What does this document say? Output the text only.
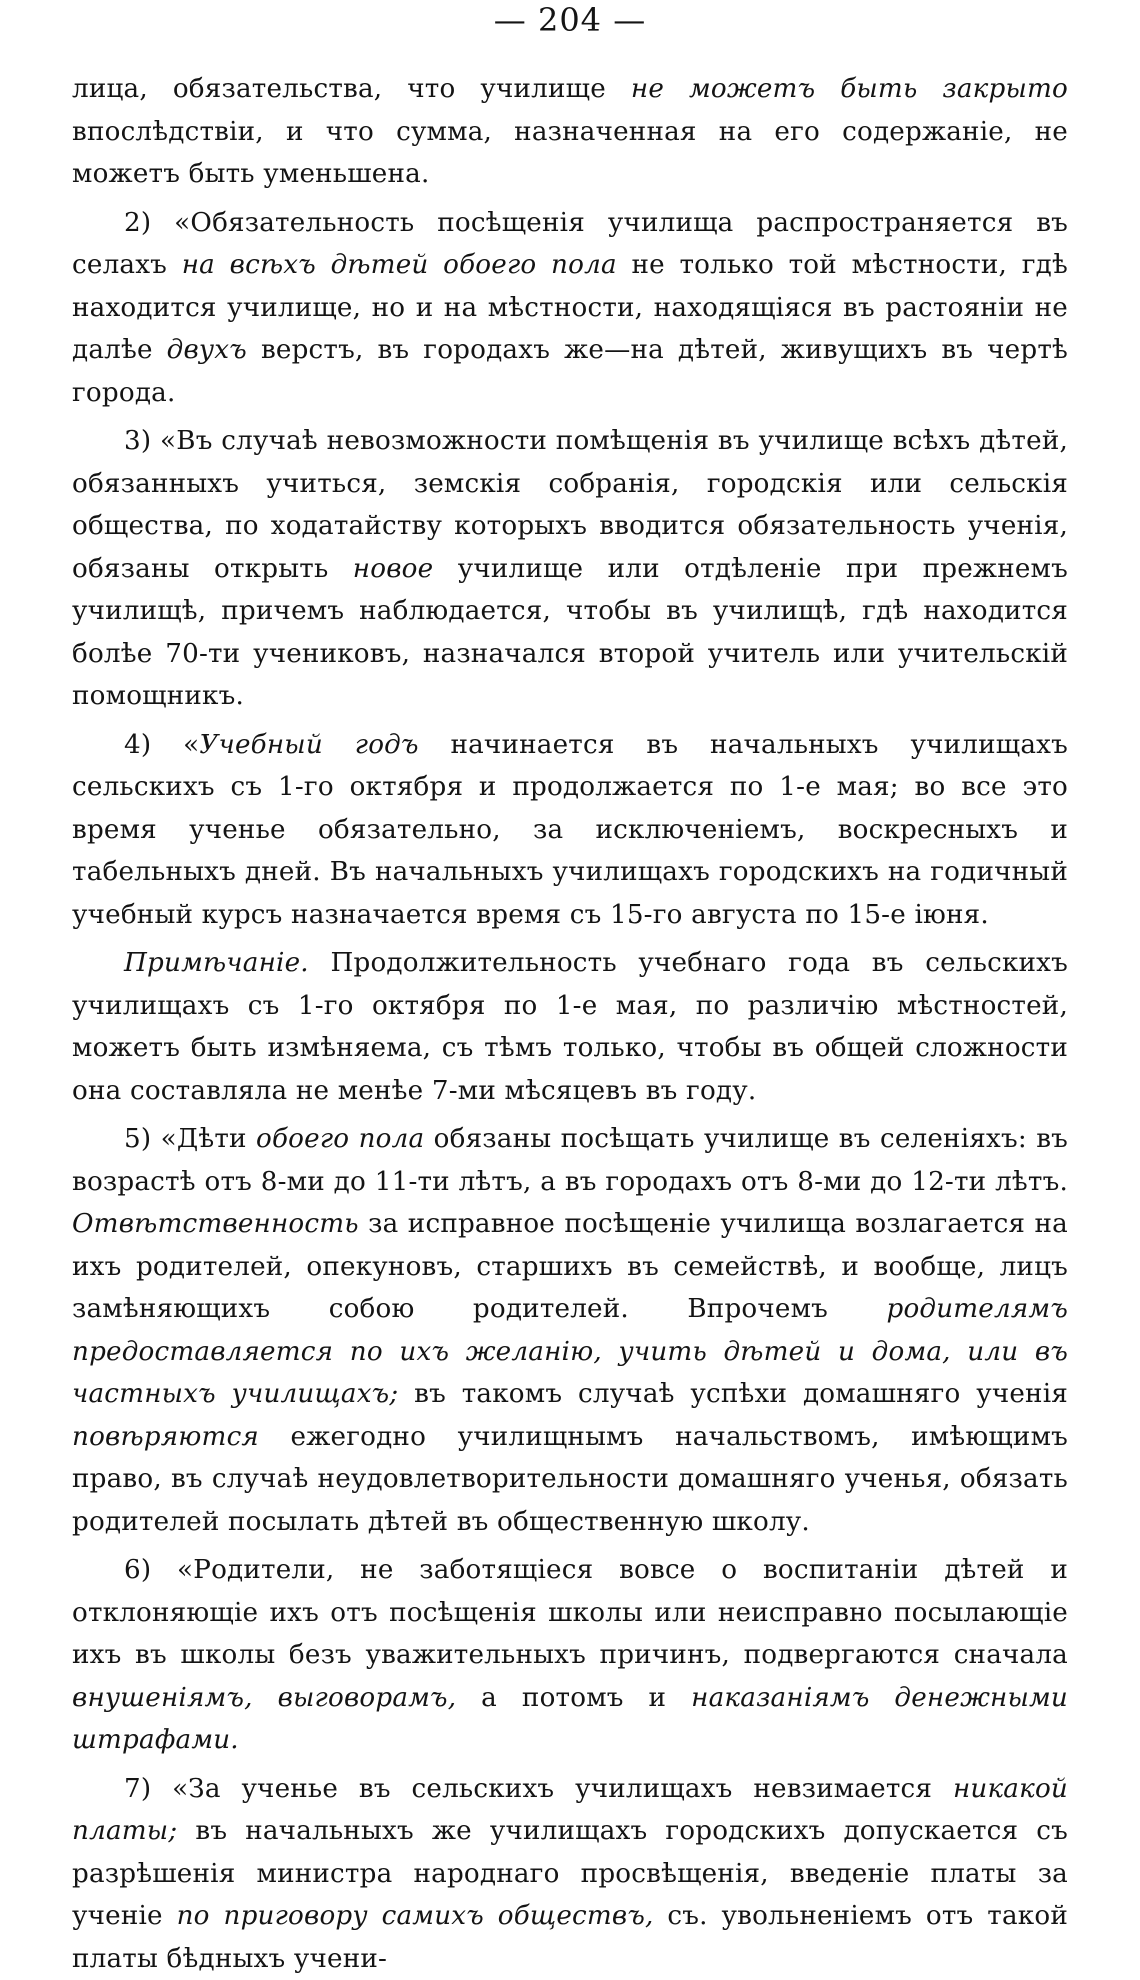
— 204 —

лица, обязательства, что училище не можетъ быть закрыто впослѣдствіи, и что сумма, назначенная на его содержаніе, не можетъ быть уменьшена.

2) «Обязательность посѣщенія училища распространяется въ селахъ на всѣхъ дѣтей обоего пола не только той мѣстности, гдѣ находится училище, но и на мѣстности, находящіяся въ растояніи не далѣе двухъ верстъ, въ городахъ же—на дѣтей, живущихъ въ чертѣ города.

3) «Въ случаѣ невозможности помѣщенія въ училище всѣхъ дѣтей, обязанныхъ учиться, земскія собранія, городскія или сельскія общества, по ходатайству которыхъ вводится обязательность ученія, обязаны открыть новое училище или отдѣленіе при прежнемъ училищѣ, причемъ наблюдается, чтобы въ училищѣ, гдѣ находится болѣе 70-ти учениковъ, назначался второй учитель или учительскій помощникъ.

4) «Учебный годъ начинается въ начальныхъ училищахъ сельскихъ съ 1-го октября и продолжается по 1-е мая; во все это время ученье обязательно, за исключеніемъ, воскресныхъ и табельныхъ дней. Въ начальныхъ училищахъ городскихъ на годичный учебный курсъ назначается время съ 15-го августа по 15-е іюня.

Примѣчаніе. Продолжительность учебнаго года въ сельскихъ училищахъ съ 1-го октября по 1-е мая, по различію мѣстностей, можетъ быть измѣняема, съ тѣмъ только, чтобы въ общей сложности она составляла не менѣе 7-ми мѣсяцевъ въ году.

5) «Дѣти обоего пола обязаны посѣщать училище въ селеніяхъ: въ возрастѣ отъ 8-ми до 11-ти лѣтъ, а въ городахъ отъ 8-ми до 12-ти лѣтъ. Отвѣтственность за исправное посѣщеніе училища возлагается на ихъ родителей, опекуновъ, старшихъ въ семействѣ, и вообще, лицъ замѣняющихъ собою родителей. Впрочемъ родителямъ предоставляется по ихъ желанію, учить дѣтей и дома, или въ частныхъ училищахъ; въ такомъ случаѣ успѣхи домашняго ученія повѣряются ежегодно училищнымъ начальствомъ, имѣющимъ право, въ случаѣ неудовлетворительности домашняго ученья, обязать родителей посылать дѣтей въ общественную школу.

6) «Родители, не заботящіеся вовсе о воспитаніи дѣтей и отклоняющіе ихъ отъ посѣщенія школы или неисправно посылающіе ихъ въ школы безъ уважительныхъ причинъ, подвергаются сначала внушеніямъ, выговорамъ, а потомъ и наказаніямъ денежными штрафами.

7) «За ученье въ сельскихъ училищахъ невзимается никакой платы; въ начальныхъ же училищахъ городскихъ допускается съ разрѣшенія министра народнаго просвѣщенія, введеніе платы за ученіе по приговору самихъ обществъ, съ. увольненіемъ отъ такой платы бѣдныхъ учени-
